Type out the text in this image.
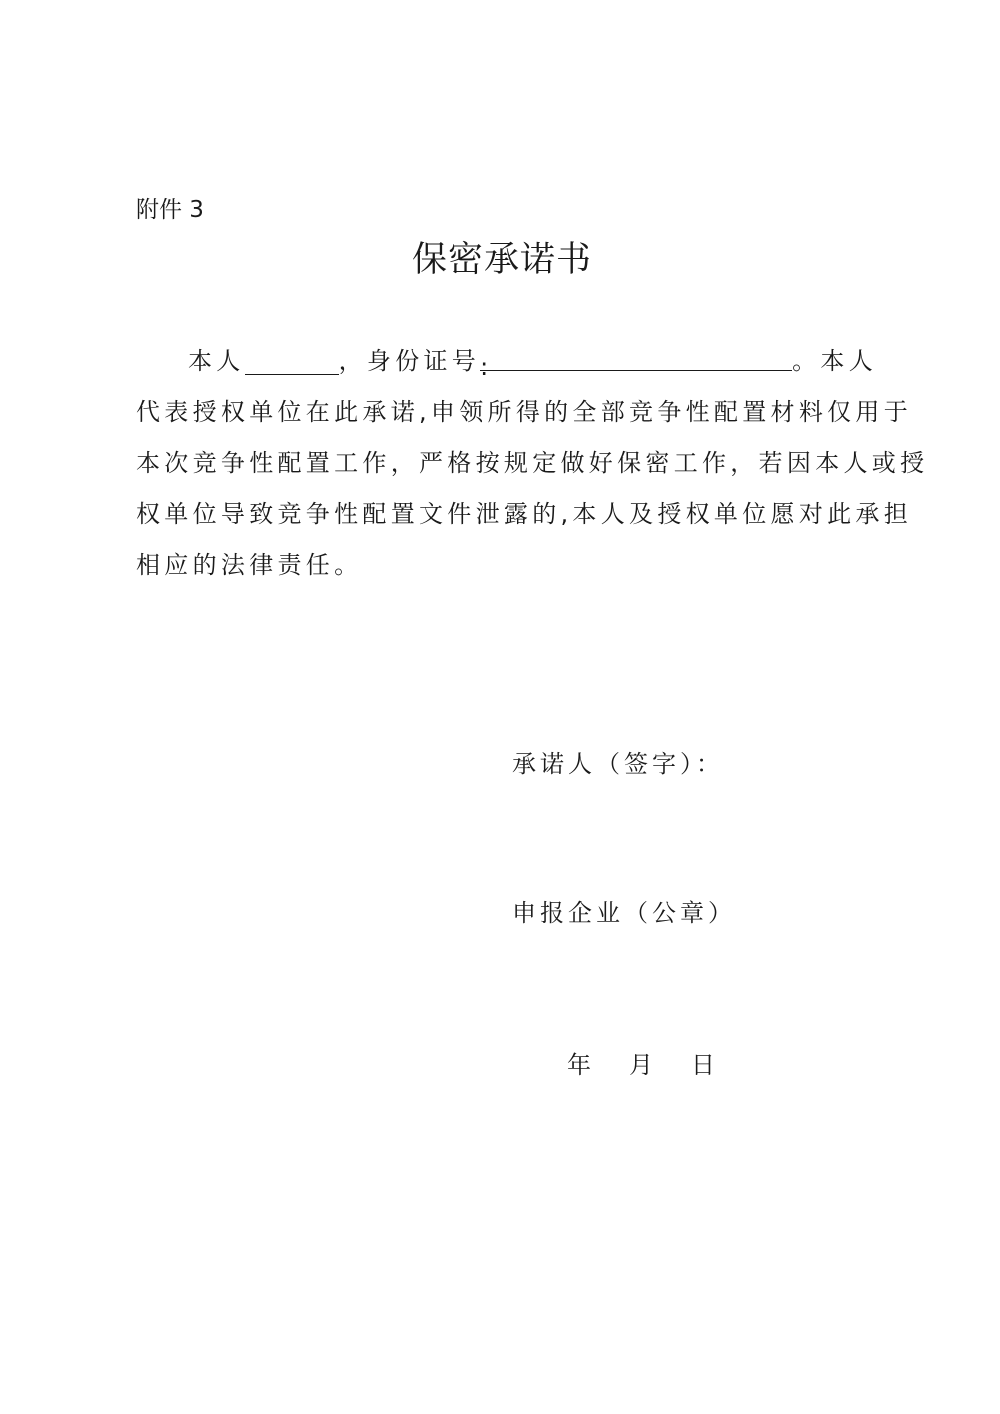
附件 3
保密承诺书
本人	，身份证号:	。本人
代表授权单位在此承诺,申领所得的全部竞争性配置材料仅用于
本次竞争性配置工作，严格按规定做好保密工作，若因本人或授
权单位导致竞争性配置文件泄露的,本人及授权单位愿对此承担
相应的法律责任。
承诺人（签字）：
申报企业（公章）
年 月 日
